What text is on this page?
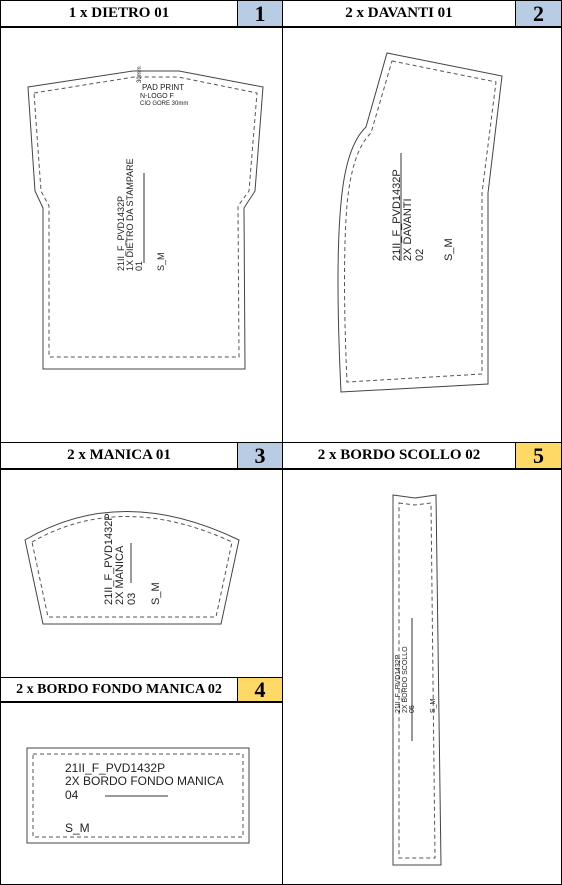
1 x DIETRO 01	1
30mm
PAD PRINT
N-LOGO F
CIO GORE 30mm
21II_F_PVD1432P 1X DIETRO DA STAMPARE 01 S_M
2 x DAVANTI 01	2
21II_F_PVD1432P 2X DAVANTI 02 S_M
2 x MANICA 01	3
21II_F_PVD1432P 2X MANICA 03 S_M
2 x BORDO FONDO MANICA 02	4
21II_F_PVD1432P
2X BORDO FONDO MANICA
04
S_M
2 x BORDO SCOLLO 02	5
21II_F_PVD1432P 2X BORDO SCOLLO 05 S_M
